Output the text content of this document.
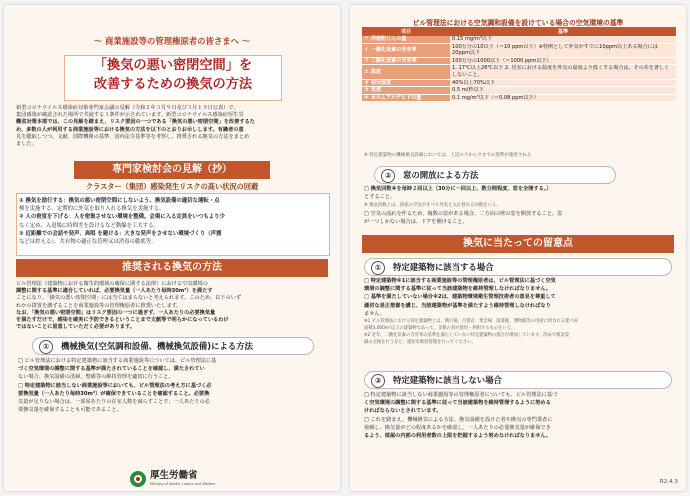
～ 商業施設等の管理権原者の皆さまへ ～
「換気の悪い密閉空間」を
改善するための換気の方法

新型コロナウイルス感染症対策専門家会議の見解（令和２年３月９日及び３月１９日公表）で、

集団感染が確認された場所で共通する３条件が示されています。新型コロナウイルス感染症厚生労

働省対策本部では、この見解を踏まえ、リスク要因の一つである「換気の悪い密閉空間」を改善するた

め、多数の人が利用する商業施設等における換気の方法を以下のとおりお示しします。有識者の意

見を聴取しつつ、文献、国際機関の基準、国内法令基準等を考察し、推奨される換気の方法をまとめ

ました。

専門家検討会の見解（抄）
クラスター（集団）感染発生リスクの高い状況の回避

① 換気を励行する：換気の悪い密閉空間にしないよう、換気設備の適切な運転・点

検を実施する。定期的に外気を取り入れる換気を実施する。

② 人の密度を下げる：人を密集させない環境を整備。会場に入る定員をいつもより少

なく定め、入退場に時間差を設けるなど動線を工夫する。

③ 近距離での会話や発声、高唱 を避ける：大きな発声をさせない環境づくり（声援

などは控える）。共有物の適正な管理又は消毒の徹底等。

推奨される換気の方法

ビル管理法（建築物における衛生的環境の確保に関する法律）における空気環境の

調整に関する基準に適合していれば、必要換気量（一人あたり毎時30m³）を満たす

ことになり、「換気の悪い密閉空間」には当てはまらないと考えられます。このため、以下のいず

れかの措置を講ずることを商業施設等の管理権原者に推奨いたします。

なお、「換気の悪い密閉空間」はリスク要因の一つに過ぎず、一人あたりの必要換気量

を満たすだけで、感染を確実に予防できるということまで文献等で明らかになっているわけ

ではないことに留意していただく必要があります。

①	機械換気(空気調和設備、機械換気設備)による方法

□ ビル管理法における特定建築物に該当する商業施設等については、ビル管理法に基

づく空気環境の調整に関する基準が満たされていることを確認し、満たされてい

ない場合、換気設備の清掃、整備等の維持管理を適切に行うこと。

□ 特定建築物に該当しない商業施設等においても、ビル管理法の考え方に基づく必

要換気量（一人あたり毎時30m³）が確保できていることを確認すること。必要換

気量が足りない場合は、一部屋あたりの在室人数を減らすことで、一人あたりの必

要換気量を確保することも可能であること。

厚生労働省
Ministry of Health, Labour and Welfare
ビル管理法における空気調和設備を設けている場合の空気環境の基準
項目	基準
ア 浮遊粉じんの量	0.15 mg/m³以下
イ 一酸化炭素の含有率	100万分の10以下（＝10 ppm以下）※特例として外気がすでに10ppm以上ある場合には20ppm以下
ウ 二酸化炭素の含有率	100万分の1000以下（＝1000 ppm以下）
エ 温度	1. 17℃以上28℃以下 2. 居室における温度を外気の温度より低くする場合は、その差を著しくしないこと。
オ 相対湿度	40%以上70%以下
カ 気流	0.5 m/秒以下
キ ホルムアルデヒドの量	0.1 mg/m³以下（＝0.08 ppm以下）
※ 特定建築物の機械換気設備においては、上記のアからウまでの基準が適用される
②	窓の開放による方法

□ 換気回数※を毎時２回以上（30分に一回以上、数分間程度、窓を全開する。）

とすること。

※ 換気回数とは、部屋の空気がすべて外気と入れ替わる回数をいう。

□ 空気の流れを作るため、複数の窓がある場合、二方向の壁の窓を開放すること。窓

が一つしかない場合は、ドアを開けること。

換気に当たっての留意点
①	特定建築物に該当する場合

□ 特定建築物※1に該当する商業施設等の管理権原者は、ビル管理法に基づく空気

環境の調整に関する基準に従って当該建築物を維持管理しなければなりません。

□ 基準を満たしていない場合※2は、建築物環境衛生管理技術者の意見を尊重して

適切な是正措置を講じ、当該建築物が基準を満たすよう維持管理しなければなり

ません。

※1 ビル管理法における特定建築物とは、興行場、百貨店、集会場、図書館、博物館等の用途に供される延べ床

面積3,000m²以上の建築物であって、多数の者が使用・利用するものをいう。

※2 近年、二酸化炭素の含有率の基準を満たしていない特定建築物の割合が増加しています。改めて換気設

備の点検を行うなど、適切な維持管理を行ってください。

②	特定建築物に該当しない場合

□ 特定建築物に該当しない商業施設等の管理権原者についても、ビル管理法に基づ

く空気環境の調整に関する基準に従って当該建築物を維持管理するように努める

ければならないとされています。

□ これを踏まえ、機械換気による方法、換気設備を設けた者や換気の専門業者に

依頼し、換気量がどの程度あるかを確認し、一人あたりの必要換気量が確保でき

るよう、部屋の内部の利用者数の上限を把握するよう努めなければなりません。

R2.4.3
